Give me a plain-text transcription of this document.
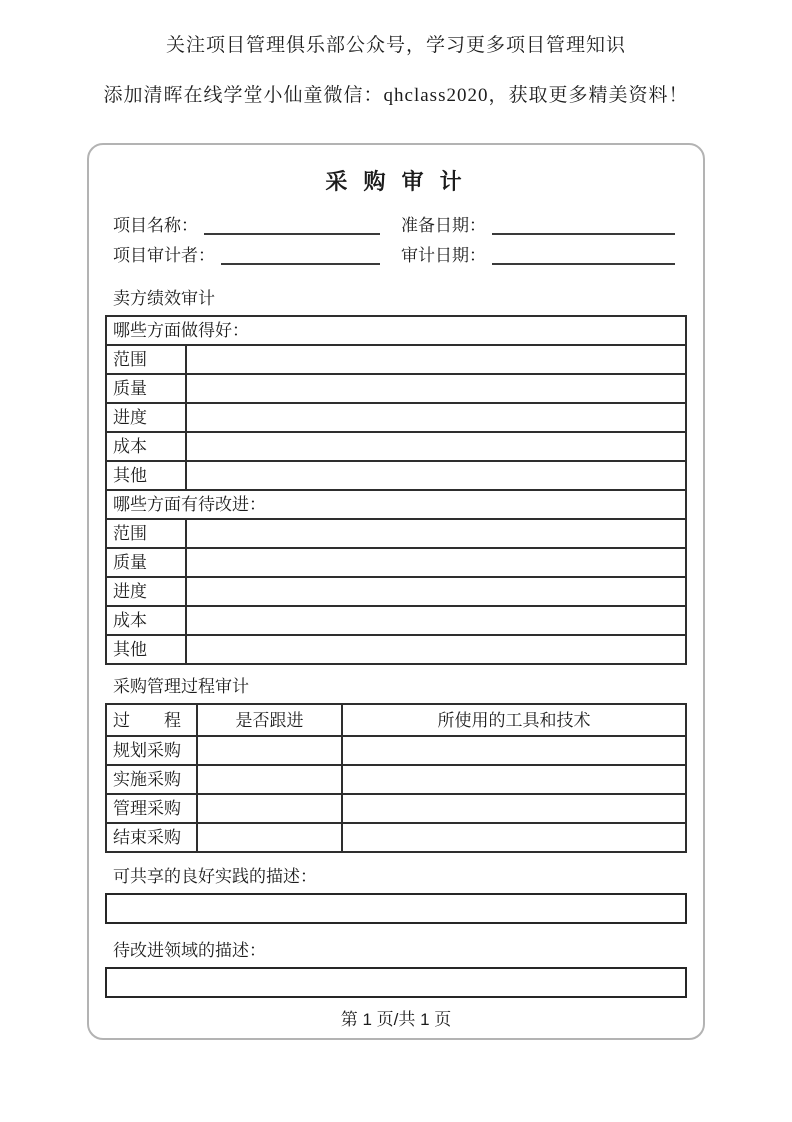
关注项目管理俱乐部公众号，学习更多项目管理知识
添加清晖在线学堂小仙童微信：qhclass2020，获取更多精美资料！
采 购 审 计
项目名称：	准备日期：
项目审计者：	审计日期：
卖方绩效审计
哪些方面做得好：	
范围	
质量	
进度	
成本	
其他	
哪些方面有待改进：	
范围	
质量	
进度	
成本	
其他	
采购管理过程审计
过　　程	是否跟进	所使用的工具和技术
规划采购		
实施采购		
管理采购		
结束采购		
可共享的良好实践的描述：
待改进领域的描述：
第 1 页/共 1 页
